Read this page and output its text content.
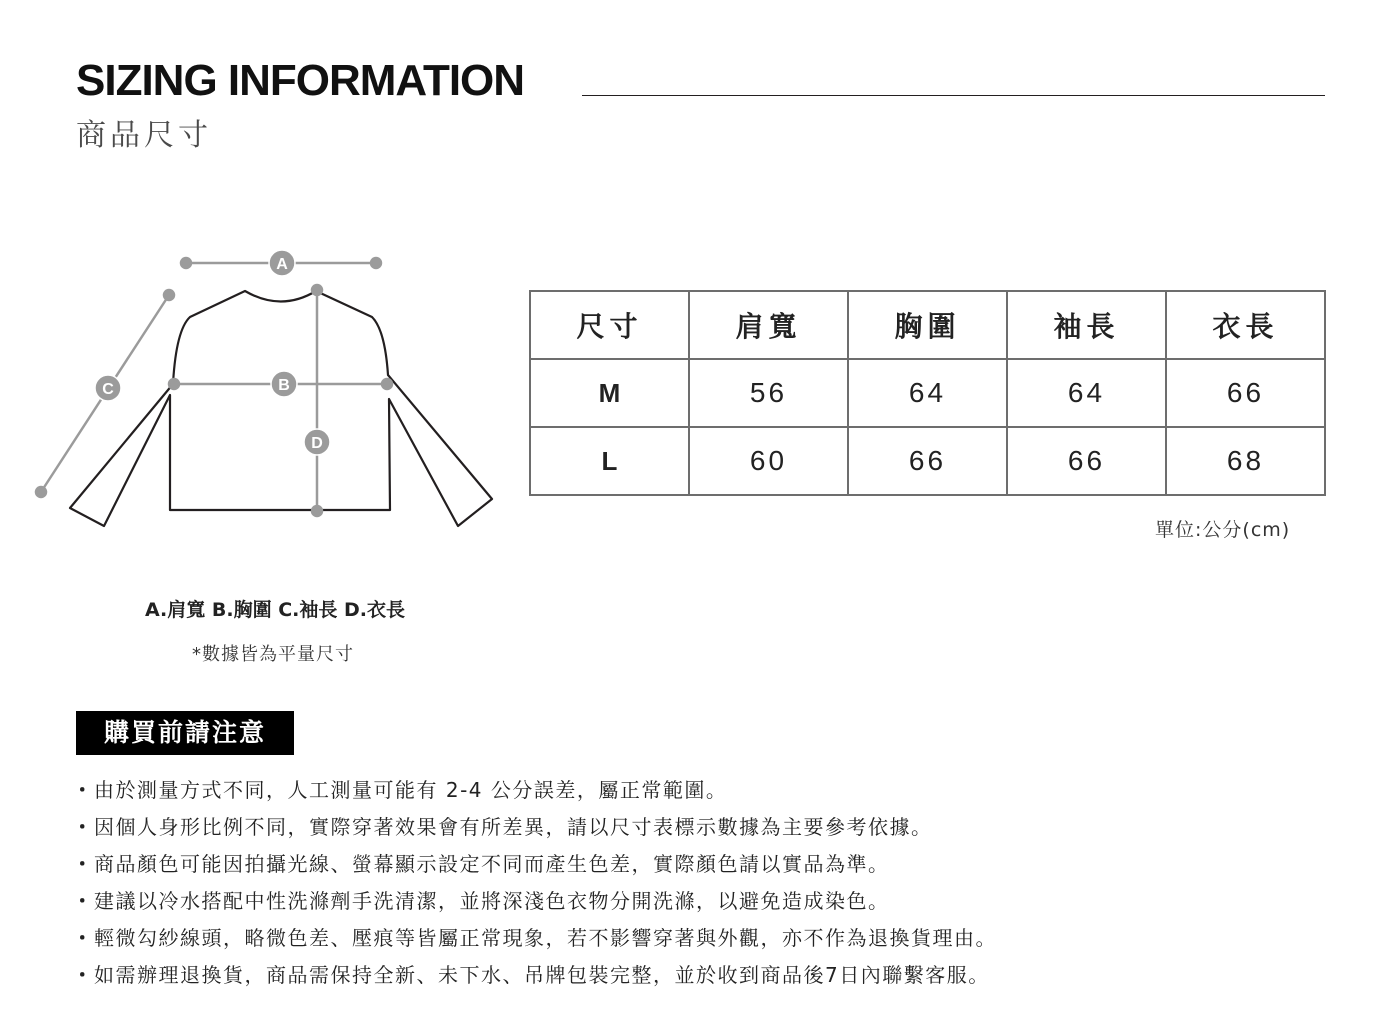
SIZING INFORMATION
商品尺寸
A
B
C
D
A.肩寬 B.胸圍 C.袖長 D.衣長
*數據皆為平量尺寸
尺寸	肩寬	胸圍	袖長	衣長
M	56	64	64	66
L	60	66	66	68
單位:公分(cm)
購買前請注意
・由於測量方式不同，人工測量可能有 2-4 公分誤差，屬正常範圍。
・因個人身形比例不同，實際穿著效果會有所差異，請以尺寸表標示數據為主要參考依據。
・商品顏色可能因拍攝光線、螢幕顯示設定不同而產生色差，實際顏色請以實品為準。
・建議以冷水搭配中性洗滌劑手洗清潔，並將深淺色衣物分開洗滌，以避免造成染色。
・輕微勾紗線頭，略微色差、壓痕等皆屬正常現象，若不影響穿著與外觀，亦不作為退換貨理由。
・如需辦理退換貨，商品需保持全新、未下水、吊牌包裝完整，並於收到商品後7日內聯繫客服。
